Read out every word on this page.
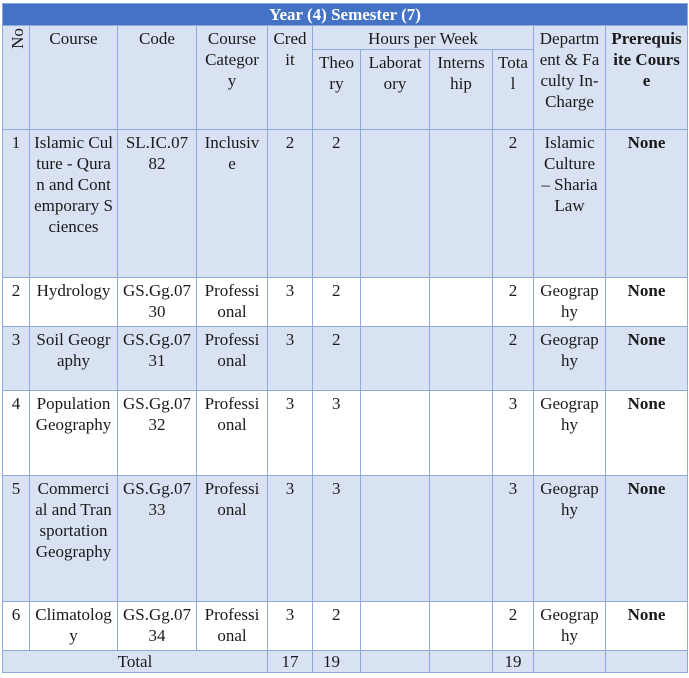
Year (4) Semester (7)										
No	Course	Code	Course Category	Credit	Hours per Week				Department & Faculty In-Charge	Prerequisite Course
					Theory	Laboratory	Internship	Total		
1	Islamic Culture - Quran and Contemporary Sciences	SL.IC.0782	Inclusive	2	2			2	Islamic Culture – Sharia Law	None
2	Hydrology	GS.Gg.0730	Professional	3	2			2	Geography	None
3	Soil Geography	GS.Gg.0731	Professional	3	2			2	Geography	None
4	Population Geography	GS.Gg.0732	Professional	3	3			3	Geography	None
5	Commercial and Transportation Geography	GS.Gg.0733	Professional	3	3			3	Geography	None
6	Climatology	GS.Gg.0734	Professional	3	2			2	Geography	None
Total				17	19			19		
